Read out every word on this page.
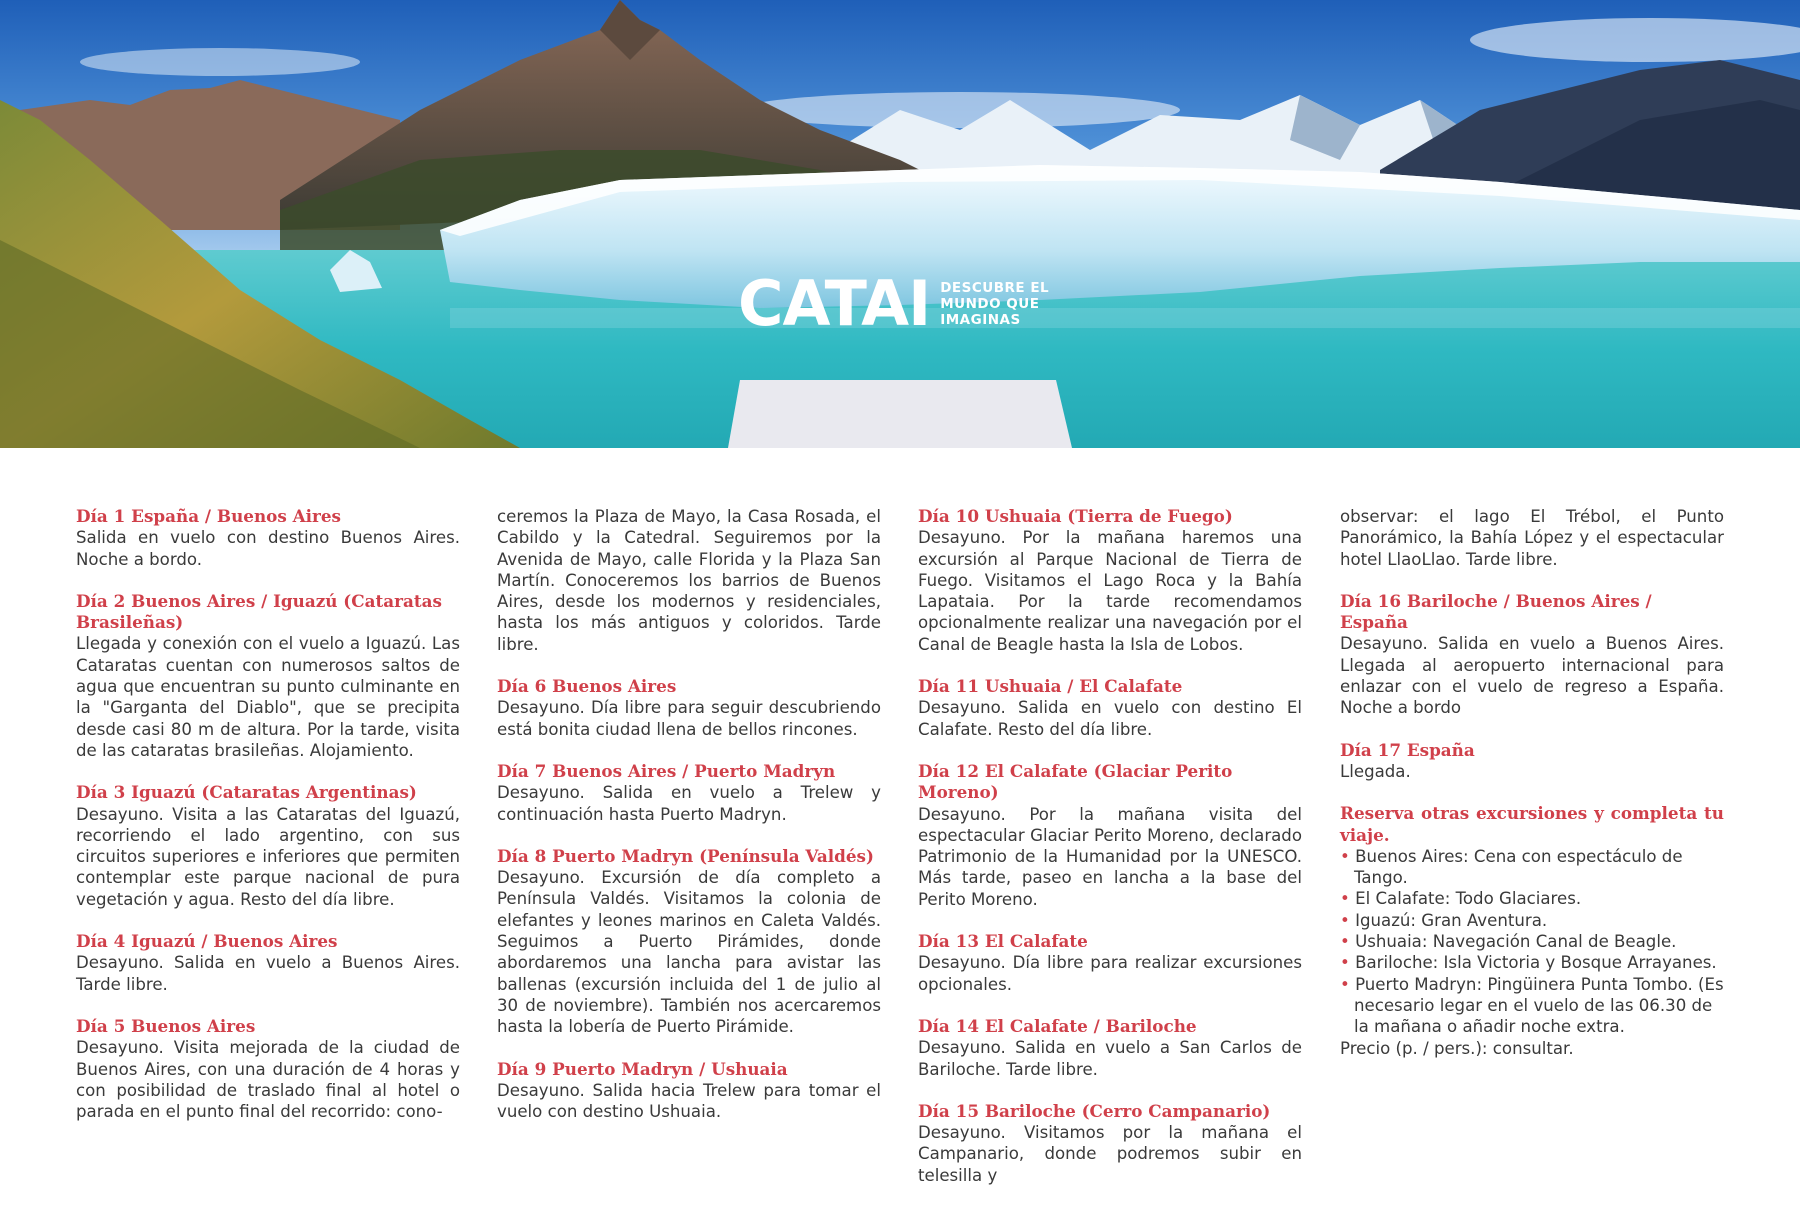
CATAI DESCUBRE EL
MUNDO QUE
IMAGINAS

Día 1 España / Buenos Aires

Salida en vuelo con destino Buenos Aires. Noche a bordo.

Día 2 Buenos Aires / Iguazú (Cataratas Brasileñas)

Llegada y conexión con el vuelo a Iguazú. Las Cataratas cuentan con numerosos saltos de agua que encuentran su punto culminante en la "Garganta del Diablo", que se precipita desde casi 80 m de altura. Por la tarde, visita de las cataratas brasileñas. Alojamiento.

Día 3 Iguazú (Cataratas Argentinas)

Desayuno. Visita a las Cataratas del Iguazú, recorriendo el lado argentino, con sus circuitos superiores e inferiores que permiten contemplar este parque nacional de pura vegetación y agua. Resto del día libre.

Día 4 Iguazú / Buenos Aires

Desayuno. Salida en vuelo a Buenos Aires. Tarde libre.

Día 5 Buenos Aires

Desayuno. Visita mejorada de la ciudad de Buenos Aires, con una duración de 4 horas y con posibilidad de traslado final al hotel o parada en el punto final del recorrido: cono-

ceremos la Plaza de Mayo, la Casa Rosada, el Cabildo y la Catedral. Seguiremos por la Avenida de Mayo, calle Florida y la Plaza San Martín. Conoceremos los barrios de Buenos Aires, desde los modernos y residenciales, hasta los más antiguos y coloridos. Tarde libre.

Día 6 Buenos Aires

Desayuno. Día libre para seguir descubriendo está bonita ciudad llena de bellos rincones.

Día 7 Buenos Aires / Puerto Madryn

Desayuno. Salida en vuelo a Trelew y continuación hasta Puerto Madryn.

Día 8 Puerto Madryn (Península Valdés)

Desayuno. Excursión de día completo a Península Valdés. Visitamos la colonia de elefantes y leones marinos en Caleta Valdés. Seguimos a Puerto Pirámides, donde abordaremos una lancha para avistar las ballenas (excursión incluida del 1 de julio al 30 de noviembre). También nos acercaremos hasta la lobería de Puerto Pirámide.

Día 9 Puerto Madryn / Ushuaia

Desayuno. Salida hacia Trelew para tomar el vuelo con destino Ushuaia.

Día 10 Ushuaia (Tierra de Fuego)

Desayuno. Por la mañana haremos una excursión al Parque Nacional de Tierra de Fuego. Visitamos el Lago Roca y la Bahía Lapataia. Por la tarde recomendamos opcionalmente realizar una navegación por el Canal de Beagle hasta la Isla de Lobos.

Día 11 Ushuaia / El Calafate

Desayuno. Salida en vuelo con destino El Calafate. Resto del día libre.

Día 12 El Calafate (Glaciar Perito Moreno)

Desayuno. Por la mañana visita del espectacular Glaciar Perito Moreno, declarado Patrimonio de la Humanidad por la UNESCO. Más tarde, paseo en lancha a la base del Perito Moreno.

Día 13 El Calafate

Desayuno. Día libre para realizar excursiones opcionales.

Día 14 El Calafate / Bariloche

Desayuno. Salida en vuelo a San Carlos de Bariloche. Tarde libre.

Día 15 Bariloche (Cerro Campanario)

Desayuno. Visitamos por la mañana el Campanario, donde podremos subir en telesilla y

observar: el lago El Trébol, el Punto Panorámico, la Bahía López y el espectacular hotel LlaoLlao. Tarde libre.

Día 16 Bariloche / Buenos Aires / España

Desayuno. Salida en vuelo a Buenos Aires. Llegada al aeropuerto internacional para enlazar con el vuelo de regreso a España. Noche a bordo

Día 17 España

Llegada.

Reserva otras excursiones y completa tu viaje.

• Buenos Aires: Cena con espectáculo de Tango.
• El Calafate: Todo Glaciares.
• Iguazú: Gran Aventura.
• Ushuaia: Navegación Canal de Beagle.
• Bariloche: Isla Victoria y Bosque Arrayanes.
• Puerto Madryn: Pingüinera Punta Tombo. (Es necesario legar en el vuelo de las 06.30 de la mañana o añadir noche extra.

Precio (p. / pers.): consultar.
